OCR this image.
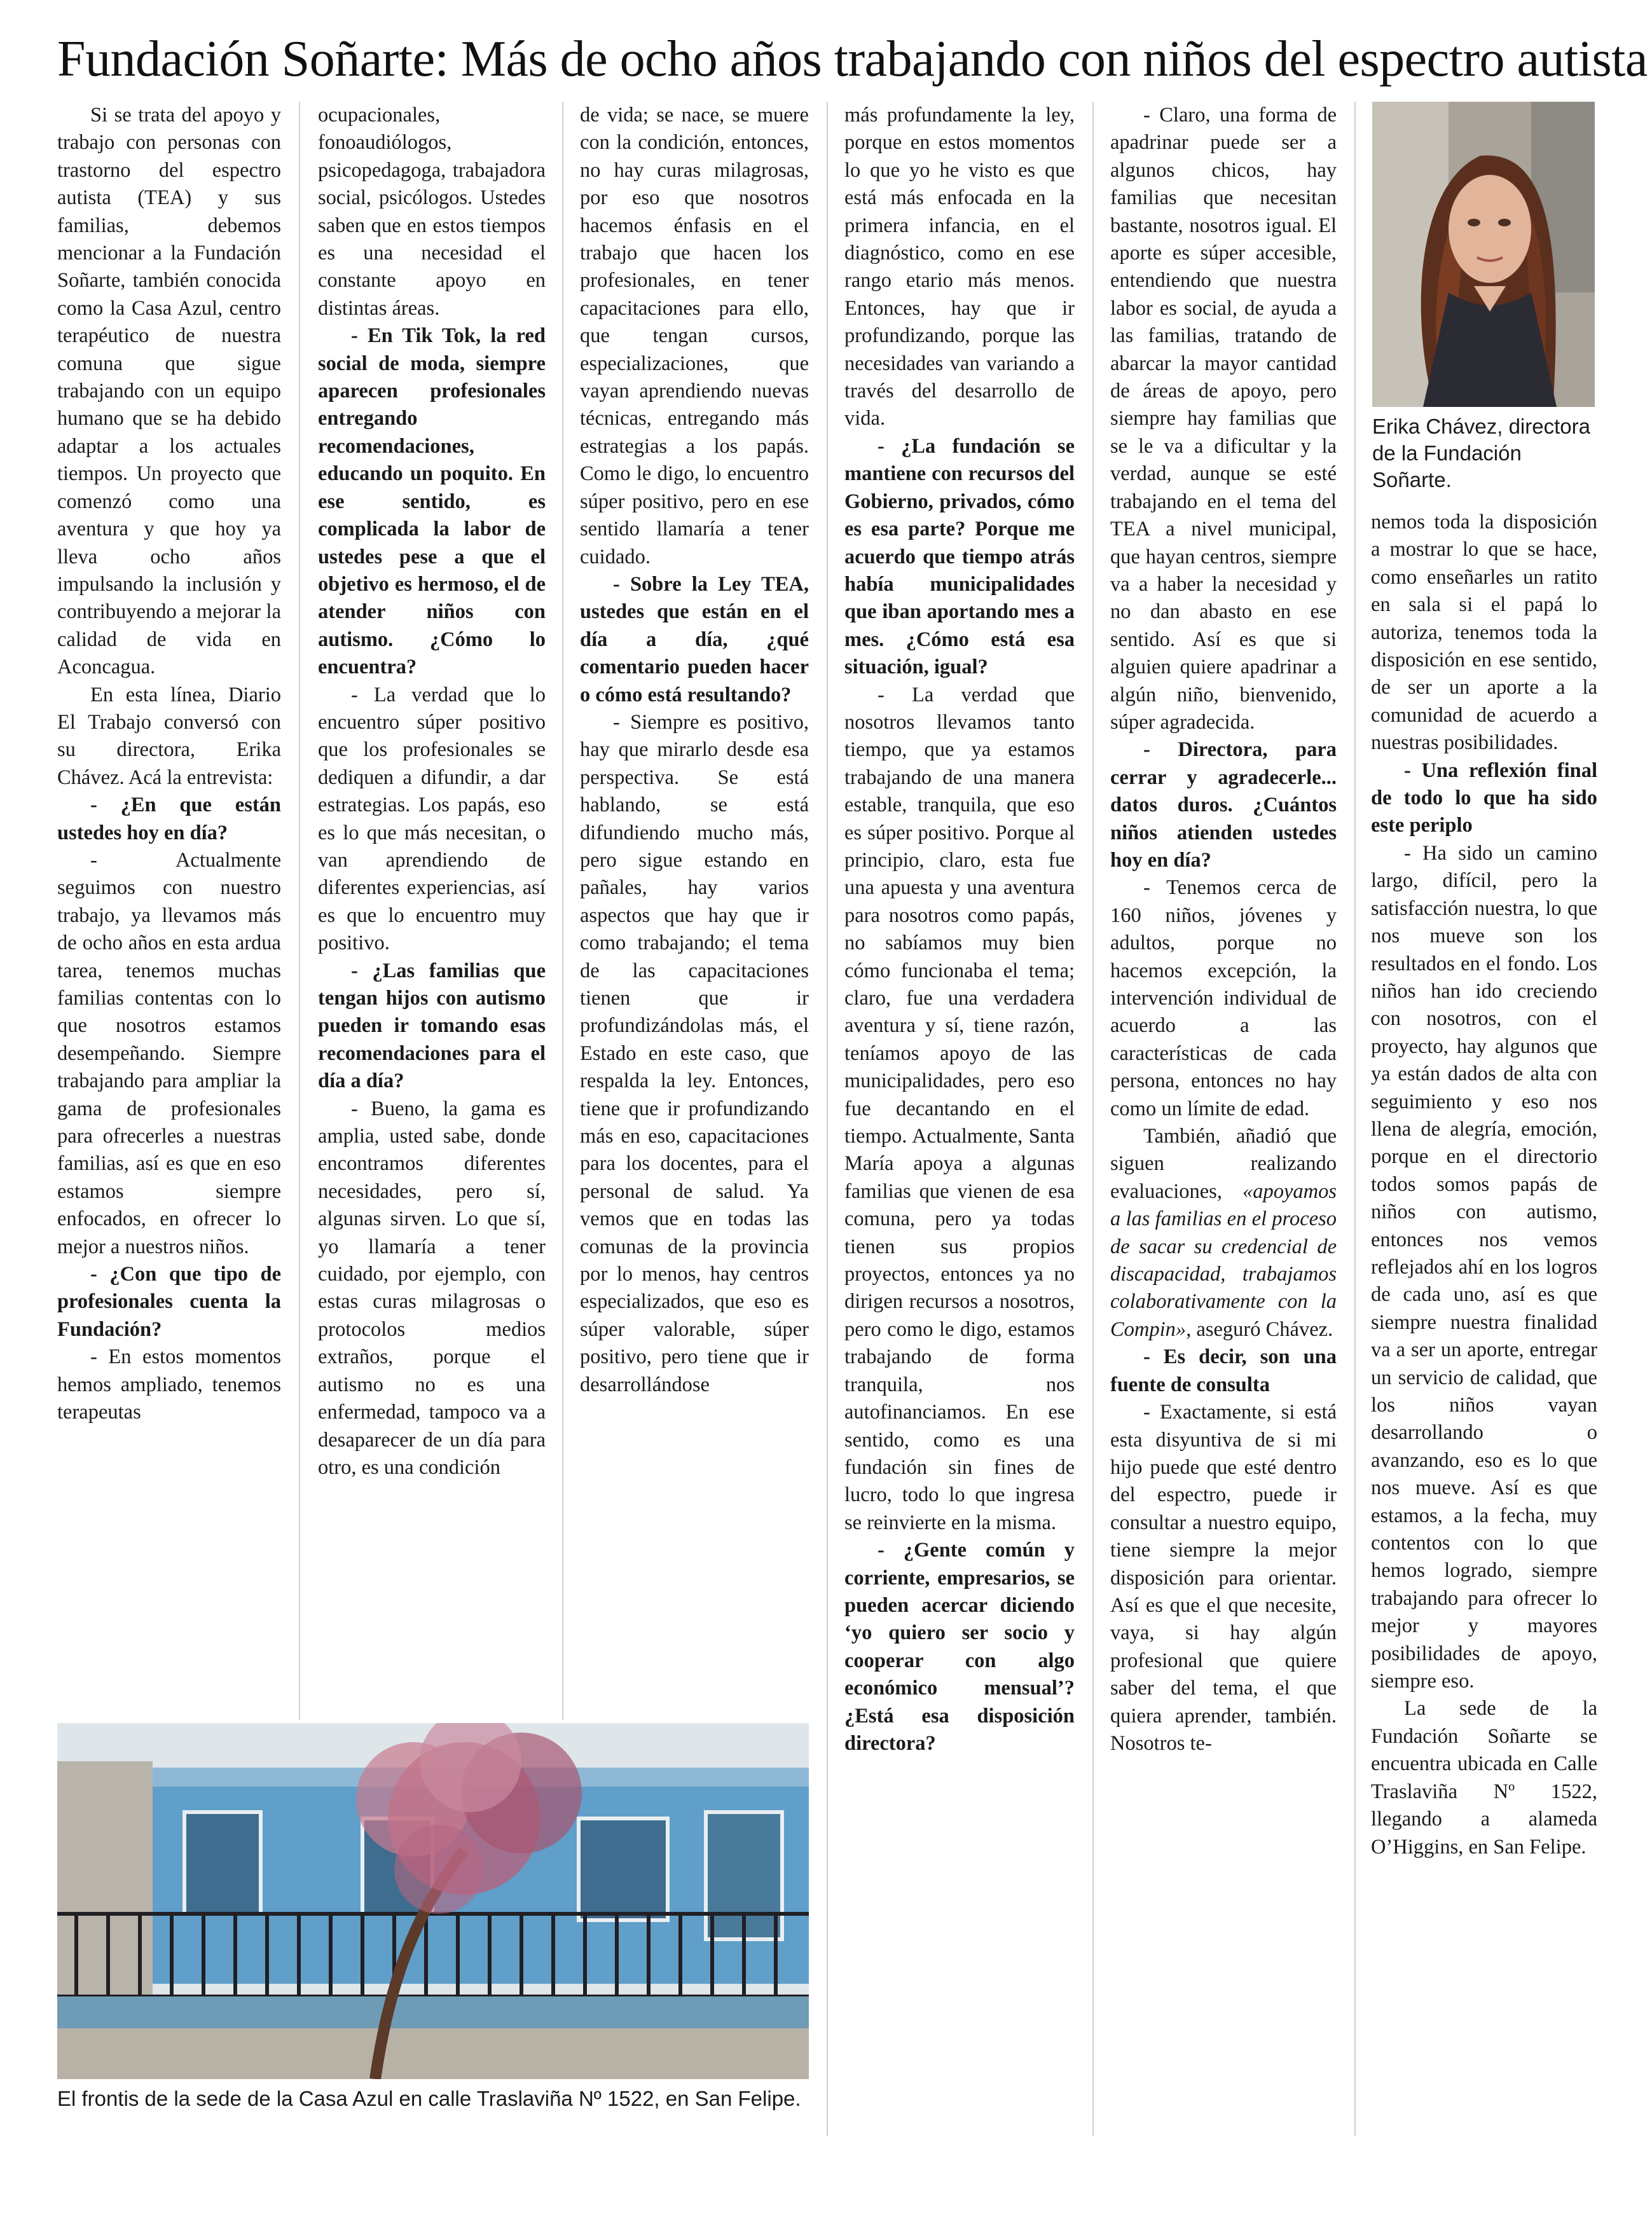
Fundación Soñarte: Más de ocho años trabajando con niños del espectro autista

Si se trata del apoyo y trabajo con personas con trastorno del espectro autista (TEA) y sus familias, debemos mencionar a la Fundación Soñarte, también conocida como la Casa Azul, centro terapéutico de nuestra comuna que sigue trabajando con un equipo humano que se ha debido adaptar a los actuales tiempos. Un proyecto que comenzó como una aventura y que hoy ya lleva ocho años impulsando la inclusión y contribuyendo a mejorar la calidad de vida en Aconcagua.

En esta línea, Diario El Trabajo conversó con su directora, Erika Chávez. Acá la entrevista:

- ¿En que están ustedes hoy en día?

- Actualmente seguimos con nuestro trabajo, ya llevamos más de ocho años en esta ardua tarea, tenemos muchas familias contentas con lo que nosotros estamos desempeñando. Siempre trabajando para ampliar la gama de profesionales para ofrecerles a nuestras familias, así es que en eso estamos siempre enfocados, en ofrecer lo mejor a nuestros niños.

- ¿Con que tipo de profesionales cuenta la Fundación?

- En estos momentos hemos ampliado, tenemos terapeutas

ocupacionales, fonoaudiólogos, psicopedagoga, trabajadora social, psicólogos. Ustedes saben que en estos tiempos es una necesidad el constante apoyo en distintas áreas.

- En Tik Tok, la red social de moda, siempre aparecen profesionales entregando recomendaciones, educando un poquito. En ese sentido, es complicada la labor de ustedes pese a que el objetivo es hermoso, el de atender niños con autismo. ¿Cómo lo encuentra?

- La verdad que lo encuentro súper positivo que los profesionales se dediquen a difundir, a dar estrategias. Los papás, eso es lo que más necesitan, o van aprendiendo de diferentes experiencias, así es que lo encuentro muy positivo.

- ¿Las familias que tengan hijos con autismo pueden ir tomando esas recomendaciones para el día a día?

- Bueno, la gama es amplia, usted sabe, donde encontramos diferentes necesidades, pero sí, algunas sirven. Lo que sí, yo llamaría a tener cuidado, por ejemplo, con estas curas milagrosas o protocolos medios extraños, porque el autismo no es una enfermedad, tampoco va a desaparecer de un día para otro, es una condición

de vida; se nace, se muere con la condición, entonces, no hay curas milagrosas, por eso que nosotros hacemos énfasis en el trabajo que hacen los profesionales, en tener capacitaciones para ello, que tengan cursos, especializaciones, que vayan aprendiendo nuevas técnicas, entregando más estrategias a los papás. Como le digo, lo encuentro súper positivo, pero en ese sentido llamaría a tener cuidado.

- Sobre la Ley TEA, ustedes que están en el día a día, ¿qué comentario pueden hacer o cómo está resultando?

- Siempre es positivo, hay que mirarlo desde esa perspectiva. Se está hablando, se está difundiendo mucho más, pero sigue estando en pañales, hay varios aspectos que hay que ir como trabajando; el tema de las capacitaciones tienen que ir profundizándolas más, el Estado en este caso, que respalda la ley. Entonces, tiene que ir profundizando más en eso, capacitaciones para los docentes, para el personal de salud. Ya vemos que en todas las comunas de la provincia por lo menos, hay centros especializados, que eso es súper valorable, súper positivo, pero tiene que ir desarrollándose

más profundamente la ley, porque en estos momentos lo que yo he visto es que está más enfocada en la primera infancia, en el diagnóstico, como en ese rango etario más menos. Entonces, hay que ir profundizando, porque las necesidades van variando a través del desarrollo de vida.

- ¿La fundación se mantiene con recursos del Gobierno, privados, cómo es esa parte? Porque me acuerdo que tiempo atrás había municipalidades que iban aportando mes a mes. ¿Cómo está esa situación, igual?

- La verdad que nosotros llevamos tanto tiempo, que ya estamos trabajando de una manera estable, tranquila, que eso es súper positivo. Porque al principio, claro, esta fue una apuesta y una aventura para nosotros como papás, no sabíamos muy bien cómo funcionaba el tema; claro, fue una verdadera aventura y sí, tiene razón, teníamos apoyo de las municipalidades, pero eso fue decantando en el tiempo. Actualmente, Santa María apoya a algunas familias que vienen de esa comuna, pero ya todas tienen sus propios proyectos, entonces ya no dirigen recursos a nosotros, pero como le digo, estamos trabajando de forma tranquila, nos autofinanciamos. En ese sentido, como es una fundación sin fines de lucro, todo lo que ingresa se reinvierte en la misma.

- ¿Gente común y corriente, empresarios, se pueden acercar diciendo ‘yo quiero ser socio y cooperar con algo económico mensual’? ¿Está esa disposición directora?

- Claro, una forma de apadrinar puede ser a algunos chicos, hay familias que necesitan bastante, nosotros igual. El aporte es súper accesible, entendiendo que nuestra labor es social, de ayuda a las familias, tratando de abarcar la mayor cantidad de áreas de apoyo, pero siempre hay familias que se le va a dificultar y la verdad, aunque se esté trabajando en el tema del TEA a nivel municipal, que hayan centros, siempre va a haber la necesidad y no dan abasto en ese sentido. Así es que si alguien quiere apadrinar a algún niño, bienvenido, súper agradecida.

- Directora, para cerrar y agradecerle... datos duros. ¿Cuántos niños atienden ustedes hoy en día?

- Tenemos cerca de 160 niños, jóvenes y adultos, porque no hacemos excepción, la intervención individual de acuerdo a las características de cada persona, entonces no hay como un límite de edad.

También, añadió que siguen realizando evaluaciones, «apoyamos a las familias en el proceso de sacar su credencial de discapacidad, trabajamos colaborativamente con la Compin», aseguró Chávez.

- Es decir, son una fuente de consulta

- Exactamente, si está esta disyuntiva de si mi hijo puede que esté dentro del espectro, puede ir consultar a nuestro equipo, tiene siempre la mejor disposición para orientar. Así es que el que necesite, vaya, si hay algún profesional que quiere saber del tema, el que quiera aprender, también. Nosotros te-

Erika Chávez, directora de la Fundación Soñarte.

nemos toda la disposición a mostrar lo que se hace, como enseñarles un ratito en sala si el papá lo autoriza, tenemos toda la disposición en ese sentido, de ser un aporte a la comunidad de acuerdo a nuestras posibilidades.

- Una reflexión final de todo lo que ha sido este periplo

- Ha sido un camino largo, difícil, pero la satisfacción nuestra, lo que nos mueve son los resultados en el fondo. Los niños han ido creciendo con nosotros, con el proyecto, hay algunos que ya están dados de alta con seguimiento y eso nos llena de alegría, emoción, porque en el directorio todos somos papás de niños con autismo, entonces nos vemos reflejados ahí en los logros de cada uno, así es que siempre nuestra finalidad va a ser un aporte, entregar un servicio de calidad, que los niños vayan desarrollando o avanzando, eso es lo que nos mueve. Así es que estamos, a la fecha, muy contentos con lo que hemos logrado, siempre trabajando para ofrecer lo mejor y mayores posibilidades de apoyo, siempre eso.

La sede de la Fundación Soñarte se encuentra ubicada en Calle Traslaviña Nº 1522, llegando a alameda O’Higgins, en San Felipe.

El frontis de la sede de la Casa Azul en calle Traslaviña Nº 1522, en San Felipe.
